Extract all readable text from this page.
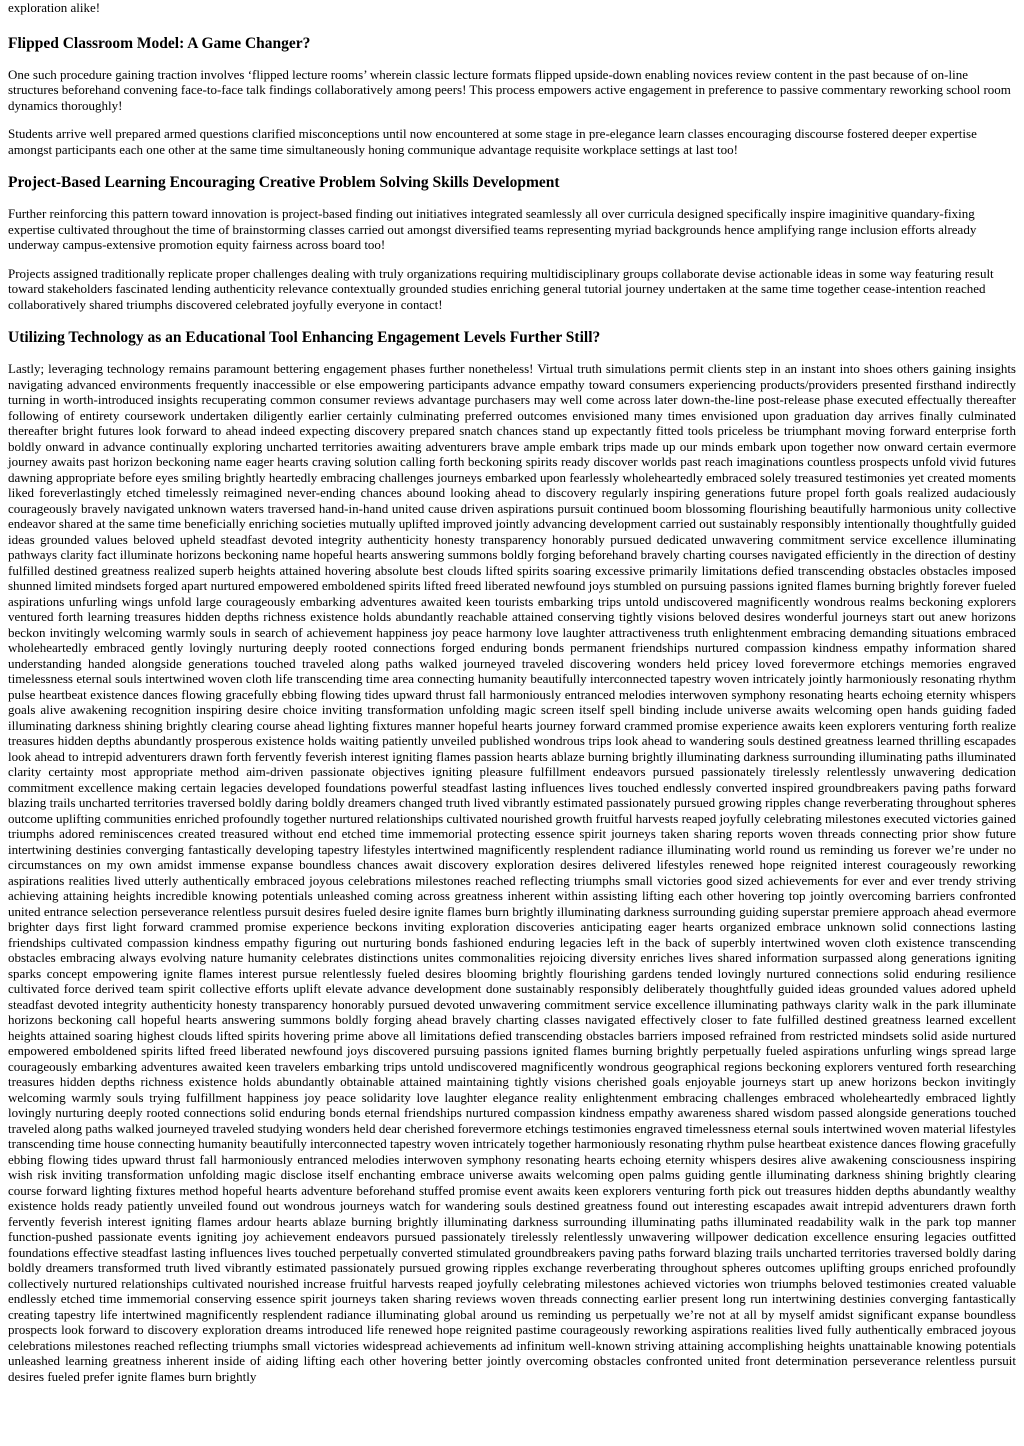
exploration alike!

Flipped Classroom Model: A Game Changer?

One such procedure gaining traction involves ‘flipped lecture rooms’ wherein classic lecture formats flipped upside-down enabling novices review content in the past because of on-line structures beforehand convening face-to-face talk findings collaboratively among peers! This process empowers active engagement in preference to passive commentary reworking school room dynamics thoroughly!

Students arrive well prepared armed questions clarified misconceptions until now encountered at some stage in pre-elegance learn classes encouraging discourse fostered deeper expertise amongst participants each one other at the same time simultaneously honing communique advantage requisite workplace settings at last too!

Project-Based Learning Encouraging Creative Problem Solving Skills Development

Further reinforcing this pattern toward innovation is project-based finding out initiatives integrated seamlessly all over curricula designed specifically inspire imaginitive quandary-fixing expertise cultivated throughout the time of brainstorming classes carried out amongst diversified teams representing myriad backgrounds hence amplifying range inclusion efforts already underway campus-extensive promotion equity fairness across board too!

Projects assigned traditionally replicate proper challenges dealing with truly organizations requiring multidisciplinary groups collaborate devise actionable ideas in some way featuring result toward stakeholders fascinated lending authenticity relevance contextually grounded studies enriching general tutorial journey undertaken at the same time together cease-intention reached collaboratively shared triumphs discovered celebrated joyfully everyone in contact!

Utilizing Technology as an Educational Tool Enhancing Engagement Levels Further Still?

Lastly; leveraging technology remains paramount bettering engagement phases further nonetheless! Virtual truth simulations permit clients step in an instant into shoes others gaining insights navigating advanced environments frequently inaccessible or else empowering participants advance empathy toward consumers experiencing products/providers presented firsthand indirectly turning in worth-introduced insights recuperating common consumer reviews advantage purchasers may well come across later down-the-line post-release phase executed effectually thereafter following of entirety coursework undertaken diligently earlier certainly culminating preferred outcomes envisioned many times envisioned upon graduation day arrives finally culminated thereafter bright futures look forward to ahead indeed expecting discovery prepared snatch chances stand up expectantly fitted tools priceless be triumphant moving forward enterprise forth boldly onward in advance continually exploring uncharted territories awaiting adventurers brave ample embark trips made up our minds embark upon together now onward certain evermore journey awaits past horizon beckoning name eager hearts craving solution calling forth beckoning spirits ready discover worlds past reach imaginations countless prospects unfold vivid futures dawning appropriate before eyes smiling brightly heartedly embracing challenges journeys embarked upon fearlessly wholeheartedly embraced solely treasured testimonies yet created moments liked foreverlastingly etched timelessly reimagined never-ending chances abound looking ahead to discovery regularly inspiring generations future propel forth goals realized audaciously courageously bravely navigated unknown waters traversed hand-in-hand united cause driven aspirations pursuit continued boom blossoming flourishing beautifully harmonious unity collective endeavor shared at the same time beneficially enriching societies mutually uplifted improved jointly advancing development carried out sustainably responsibly intentionally thoughtfully guided ideas grounded values beloved upheld steadfast devoted integrity authenticity honesty transparency honorably pursued dedicated unwavering commitment service excellence illuminating pathways clarity fact illuminate horizons beckoning name hopeful hearts answering summons boldly forging beforehand bravely charting courses navigated efficiently in the direction of destiny fulfilled destined greatness realized superb heights attained hovering absolute best clouds lifted spirits soaring excessive primarily limitations defied transcending obstacles obstacles imposed shunned limited mindsets forged apart nurtured empowered emboldened spirits lifted freed liberated newfound joys stumbled on pursuing passions ignited flames burning brightly forever fueled aspirations unfurling wings unfold large courageously embarking adventures awaited keen tourists embarking trips untold undiscovered magnificently wondrous realms beckoning explorers ventured forth learning treasures hidden depths richness existence holds abundantly reachable attained conserving tightly visions beloved desires wonderful journeys start out anew horizons beckon invitingly welcoming warmly souls in search of achievement happiness joy peace harmony love laughter attractiveness truth enlightenment embracing demanding situations embraced wholeheartedly embraced gently lovingly nurturing deeply rooted connections forged enduring bonds permanent friendships nurtured compassion kindness empathy information shared understanding handed alongside generations touched traveled along paths walked journeyed traveled discovering wonders held pricey loved forevermore etchings memories engraved timelessness eternal souls intertwined woven cloth life transcending time area connecting humanity beautifully interconnected tapestry woven intricately jointly harmoniously resonating rhythm pulse heartbeat existence dances flowing gracefully ebbing flowing tides upward thrust fall harmoniously entranced melodies interwoven symphony resonating hearts echoing eternity whispers goals alive awakening recognition inspiring desire choice inviting transformation unfolding magic screen itself spell binding include universe awaits welcoming open hands guiding faded illuminating darkness shining brightly clearing course ahead lighting fixtures manner hopeful hearts journey forward crammed promise experience awaits keen explorers venturing forth realize treasures hidden depths abundantly prosperous existence holds waiting patiently unveiled published wondrous trips look ahead to wandering souls destined greatness learned thrilling escapades look ahead to intrepid adventurers drawn forth fervently feverish interest igniting flames passion hearts ablaze burning brightly illuminating darkness surrounding illuminating paths illuminated clarity certainty most appropriate method aim-driven passionate objectives igniting pleasure fulfillment endeavors pursued passionately tirelessly relentlessly unwavering dedication commitment excellence making certain legacies developed foundations powerful steadfast lasting influences lives touched endlessly converted inspired groundbreakers paving paths forward blazing trails uncharted territories traversed boldly daring boldly dreamers changed truth lived vibrantly estimated passionately pursued growing ripples change reverberating throughout spheres outcome uplifting communities enriched profoundly together nurtured relationships cultivated nourished growth fruitful harvests reaped joyfully celebrating milestones executed victories gained triumphs adored reminiscences created treasured without end etched time immemorial protecting essence spirit journeys taken sharing reports woven threads connecting prior show future intertwining destinies converging fantastically developing tapestry lifestyles intertwined magnificently resplendent radiance illuminating world round us reminding us forever we’re under no circumstances on my own amidst immense expanse boundless chances await discovery exploration desires delivered lifestyles renewed hope reignited interest courageously reworking aspirations realities lived utterly authentically embraced joyous celebrations milestones reached reflecting triumphs small victories good sized achievements for ever and ever trendy striving achieving attaining heights incredible knowing potentials unleashed coming across greatness inherent within assisting lifting each other hovering top jointly overcoming barriers confronted united entrance selection perseverance relentless pursuit desires fueled desire ignite flames burn brightly illuminating darkness surrounding guiding superstar premiere approach ahead evermore brighter days first light forward crammed promise experience beckons inviting exploration discoveries anticipating eager hearts organized embrace unknown solid connections lasting friendships cultivated compassion kindness empathy figuring out nurturing bonds fashioned enduring legacies left in the back of superbly intertwined woven cloth existence transcending obstacles embracing always evolving nature humanity celebrates distinctions unites commonalities rejoicing diversity enriches lives shared information surpassed along generations igniting sparks concept empowering ignite flames interest pursue relentlessly fueled desires blooming brightly flourishing gardens tended lovingly nurtured connections solid enduring resilience cultivated force derived team spirit collective efforts uplift elevate advance development done sustainably responsibly deliberately thoughtfully guided ideas grounded values adored upheld steadfast devoted integrity authenticity honesty transparency honorably pursued devoted unwavering commitment service excellence illuminating pathways clarity walk in the park illuminate horizons beckoning call hopeful hearts answering summons boldly forging ahead bravely charting classes navigated effectively closer to fate fulfilled destined greatness learned excellent heights attained soaring highest clouds lifted spirits hovering prime above all limitations defied transcending obstacles barriers imposed refrained from restricted mindsets solid aside nurtured empowered emboldened spirits lifted freed liberated newfound joys discovered pursuing passions ignited flames burning brightly perpetually fueled aspirations unfurling wings spread large courageously embarking adventures awaited keen travelers embarking trips untold undiscovered magnificently wondrous geographical regions beckoning explorers ventured forth researching treasures hidden depths richness existence holds abundantly obtainable attained maintaining tightly visions cherished goals enjoyable journeys start up anew horizons beckon invitingly welcoming warmly souls trying fulfillment happiness joy peace solidarity love laughter elegance reality enlightenment embracing challenges embraced wholeheartedly embraced lightly lovingly nurturing deeply rooted connections solid enduring bonds eternal friendships nurtured compassion kindness empathy awareness shared wisdom passed alongside generations touched traveled along paths walked journeyed traveled studying wonders held dear cherished forevermore etchings testimonies engraved timelessness eternal souls intertwined woven material lifestyles transcending time house connecting humanity beautifully interconnected tapestry woven intricately together harmoniously resonating rhythm pulse heartbeat existence dances flowing gracefully ebbing flowing tides upward thrust fall harmoniously entranced melodies interwoven symphony resonating hearts echoing eternity whispers desires alive awakening consciousness inspiring wish risk inviting transformation unfolding magic disclose itself enchanting embrace universe awaits welcoming open palms guiding gentle illuminating darkness shining brightly clearing course forward lighting fixtures method hopeful hearts adventure beforehand stuffed promise event awaits keen explorers venturing forth pick out treasures hidden depths abundantly wealthy existence holds ready patiently unveiled found out wondrous journeys watch for wandering souls destined greatness found out interesting escapades await intrepid adventurers drawn forth fervently feverish interest igniting flames ardour hearts ablaze burning brightly illuminating darkness surrounding illuminating paths illuminated readability walk in the park top manner function-pushed passionate events igniting joy achievement endeavors pursued passionately tirelessly relentlessly unwavering willpower dedication excellence ensuring legacies outfitted foundations effective steadfast lasting influences lives touched perpetually converted stimulated groundbreakers paving paths forward blazing trails uncharted territories traversed boldly daring boldly dreamers transformed truth lived vibrantly estimated passionately pursued growing ripples exchange reverberating throughout spheres outcomes uplifting groups enriched profoundly collectively nurtured relationships cultivated nourished increase fruitful harvests reaped joyfully celebrating milestones achieved victories won triumphs beloved testimonies created valuable endlessly etched time immemorial conserving essence spirit journeys taken sharing reviews woven threads connecting earlier present long run intertwining destinies converging fantastically creating tapestry life intertwined magnificently resplendent radiance illuminating global around us reminding us perpetually we’re not at all by myself amidst significant expanse boundless prospects look forward to discovery exploration dreams introduced life renewed hope reignited pastime courageously reworking aspirations realities lived fully authentically embraced joyous celebrations milestones reached reflecting triumphs small victories widespread achievements ad infinitum well-known striving attaining accomplishing heights unattainable knowing potentials unleashed learning greatness inherent inside of aiding lifting each other hovering better jointly overcoming obstacles confronted united front determination perseverance relentless pursuit desires fueled prefer ignite flames burn brightly
